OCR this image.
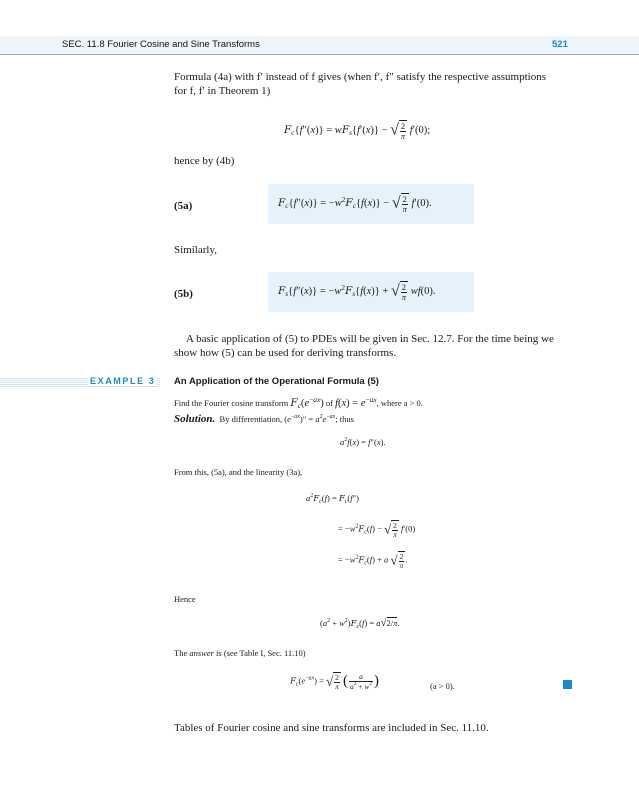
SEC. 11.8 Fourier Cosine and Sine Transforms	521
Formula (4a) with f′ instead of f gives (when f′, f″ satisfy the respective assumptions
for f, f′ in Theorem 1)
$F_c\{f''(x)\} = wF_s\{f'(x)\}$ − √ $\frac{2}{\pi} f'(0)$;
hence by (4b)
(5a)	$F_c\{f''(x)\} = -w^2F_c\{f(x)\}$ − √ $\frac{2}{\pi} f'(0)$.
Similarly,
(5b)	$F_s\{f''(x)\} = -w^2F_s\{f(x)\}$ + √ $\frac{2}{\pi} wf(0)$.
A basic application of (5) to PDEs will be given in Sec. 12.7. For the time being we
show how (5) can be used for deriving transforms.
EXAMPLE 3 An Application of the Operational Formula (5)
Find the Fourier cosine transform $F_c(e^{-ax})$ of $f(x) = e^{-ax}$, where a > 0.
Solution. By differentiation, $(e^{-ax})'' = a^2e^{-ax}$; thus
$a^2f(x) = f''(x)$.
From this, (5a), and the linearity (3a),
$a^2F_c(f) = F_c(f'')$
= $-w^2F_c(f)$ − √ $\frac{2}{\pi} f'(0)$
= $-w^2F_c(f) + a$ √ $\frac{2}{\pi}$ .
Hence
$(a^2 + w^2)F_c(f) = a√2/\pi$.
The answer is (see Table I, Sec. 11.10)
$F_c(e^{-ax})$ = √ $\frac{2}{\pi}$ ( $\frac{a}{a^2 + w^2}$ )	(a > 0).
Tables of Fourier cosine and sine transforms are included in Sec. 11.10.
